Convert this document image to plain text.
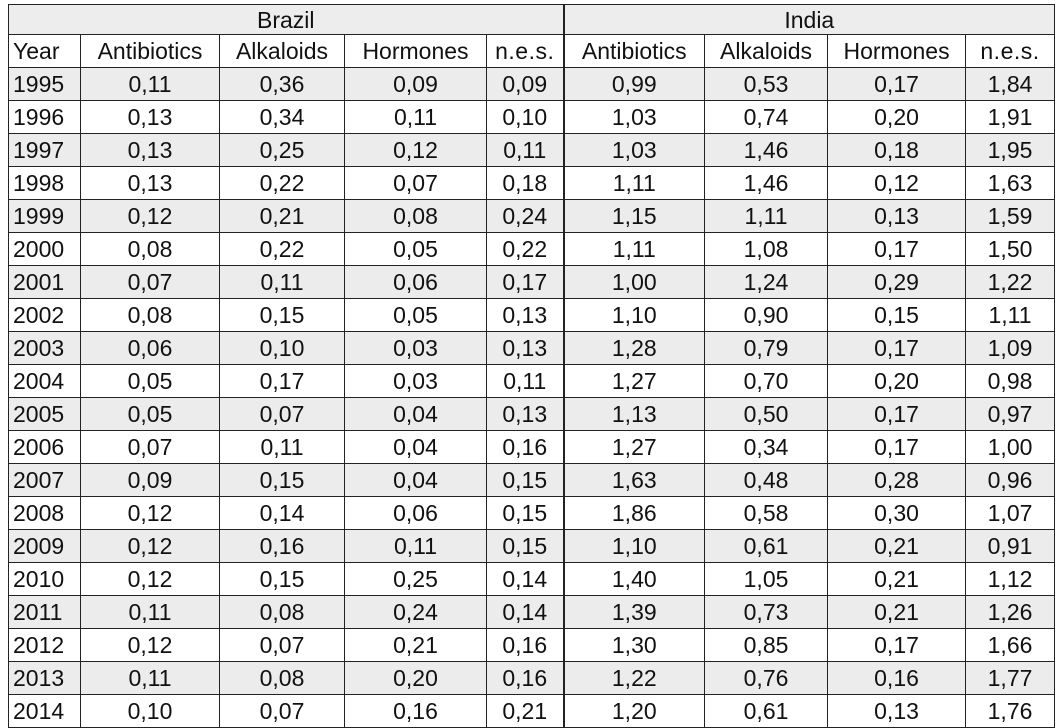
Brazil					India			
Year	Antibiotics	Alkaloids	Hormones	n.e.s.	Antibiotics	Alkaloids	Hormones	n.e.s.
1995	0,11	0,36	0,09	0,09	0,99	0,53	0,17	1,84
1996	0,13	0,34	0,11	0,10	1,03	0,74	0,20	1,91
1997	0,13	0,25	0,12	0,11	1,03	1,46	0,18	1,95
1998	0,13	0,22	0,07	0,18	1,11	1,46	0,12	1,63
1999	0,12	0,21	0,08	0,24	1,15	1,11	0,13	1,59
2000	0,08	0,22	0,05	0,22	1,11	1,08	0,17	1,50
2001	0,07	0,11	0,06	0,17	1,00	1,24	0,29	1,22
2002	0,08	0,15	0,05	0,13	1,10	0,90	0,15	1,11
2003	0,06	0,10	0,03	0,13	1,28	0,79	0,17	1,09
2004	0,05	0,17	0,03	0,11	1,27	0,70	0,20	0,98
2005	0,05	0,07	0,04	0,13	1,13	0,50	0,17	0,97
2006	0,07	0,11	0,04	0,16	1,27	0,34	0,17	1,00
2007	0,09	0,15	0,04	0,15	1,63	0,48	0,28	0,96
2008	0,12	0,14	0,06	0,15	1,86	0,58	0,30	1,07
2009	0,12	0,16	0,11	0,15	1,10	0,61	0,21	0,91
2010	0,12	0,15	0,25	0,14	1,40	1,05	0,21	1,12
2011	0,11	0,08	0,24	0,14	1,39	0,73	0,21	1,26
2012	0,12	0,07	0,21	0,16	1,30	0,85	0,17	1,66
2013	0,11	0,08	0,20	0,16	1,22	0,76	0,16	1,77
2014	0,10	0,07	0,16	0,21	1,20	0,61	0,13	1,76
